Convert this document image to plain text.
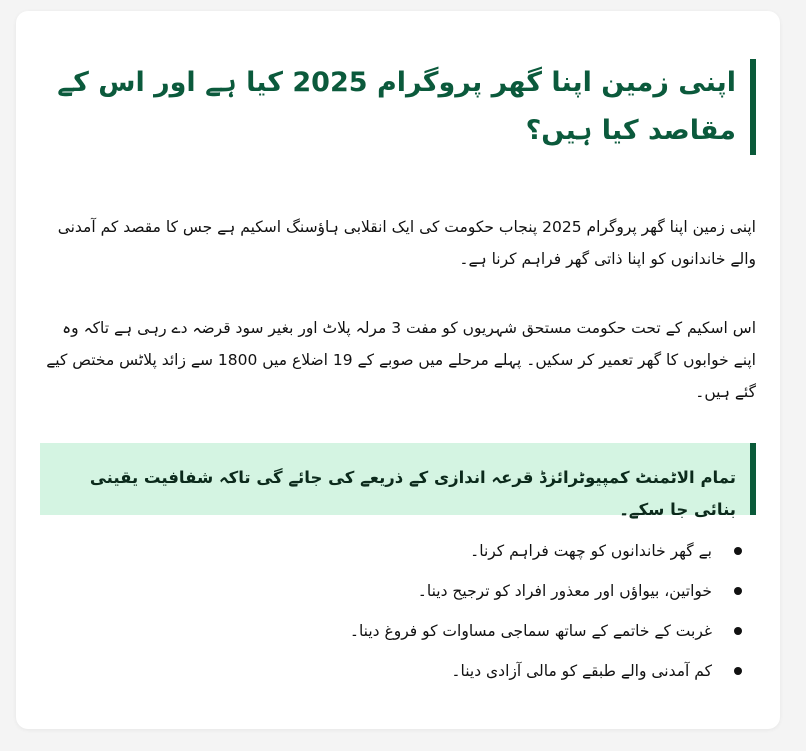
اپنی زمین اپنا گھر پروگرام 2025 کیا ہے اور اس کے مقاصد کیا ہیں؟

اپنی زمین اپنا گھر پروگرام 2025 پنجاب حکومت کی ایک انقلابی ہاؤسنگ اسکیم ہے جس کا مقصد کم آمدنی والے خاندانوں کو اپنا ذاتی گھر فراہم کرنا ہے۔

اس اسکیم کے تحت حکومت مستحق شہریوں کو مفت 3 مرلہ پلاٹ اور بغیر سود قرضہ دے رہی ہے تاکہ وہ اپنے خوابوں کا گھر تعمیر کر سکیں۔ پہلے مرحلے میں صوبے کے 19 اضلاع میں 1800 سے زائد پلاٹس مختص کیے گئے ہیں۔

تمام الاٹمنٹ کمپیوٹرائزڈ قرعہ اندازی کے ذریعے کی جائے گی تاکہ شفافیت یقینی بنائی جا سکے۔

بے گھر خاندانوں کو چھت فراہم کرنا۔
خواتین، بیواؤں اور معذور افراد کو ترجیح دینا۔
غربت کے خاتمے کے ساتھ سماجی مساوات کو فروغ دینا۔
کم آمدنی والے طبقے کو مالی آزادی دینا۔
